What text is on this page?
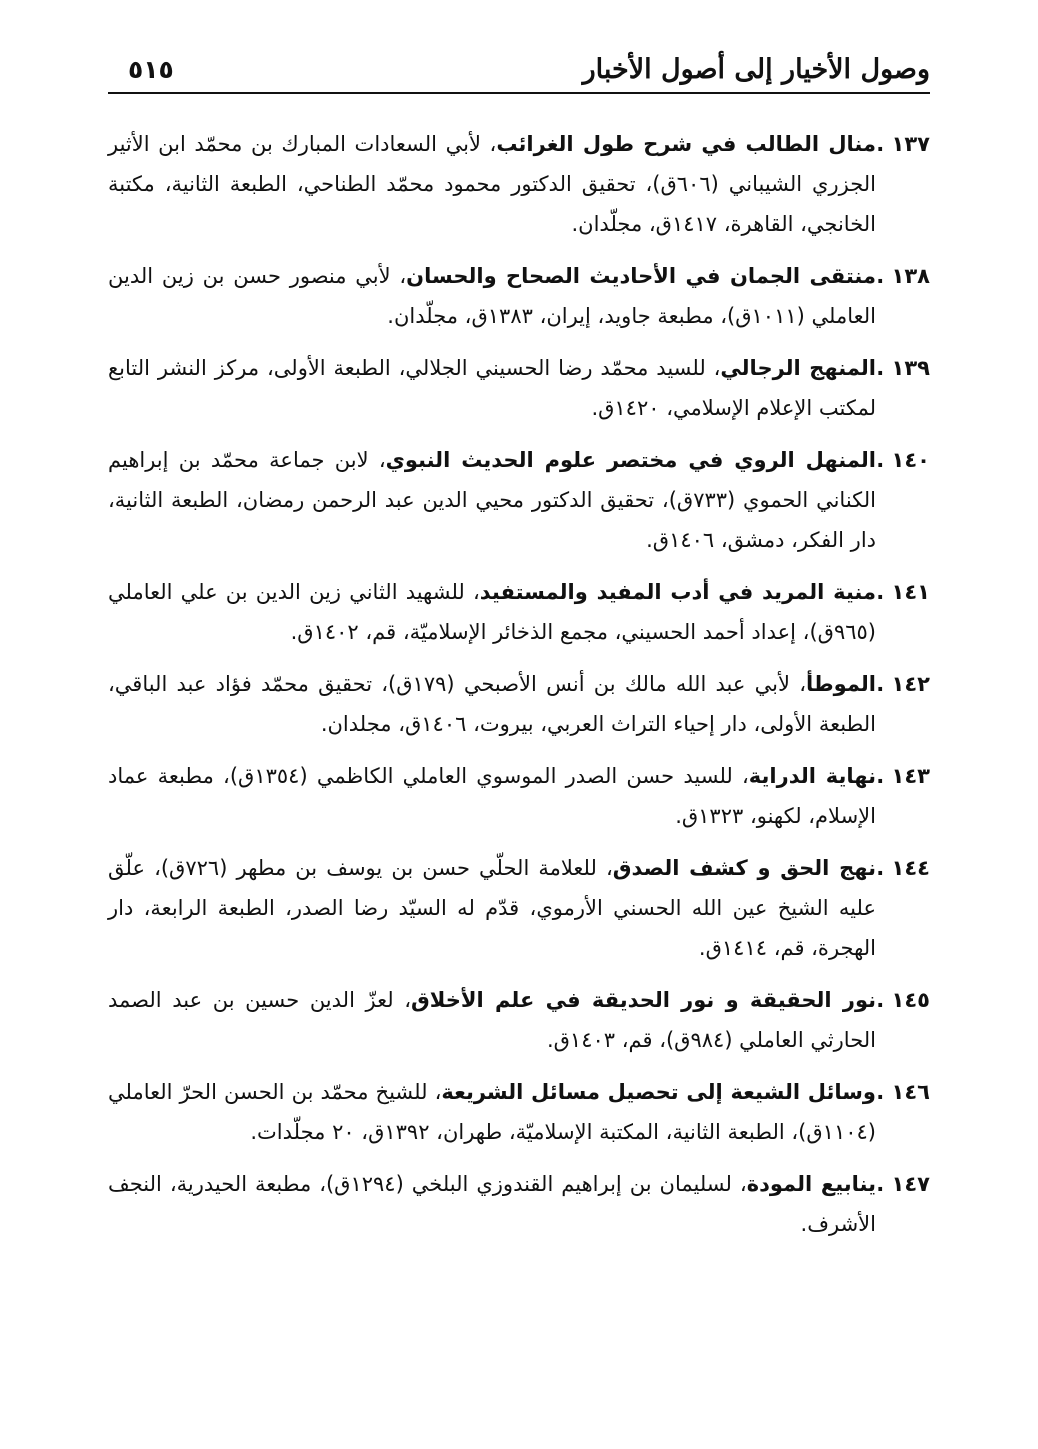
وصول الأخيار إلى أصول الأخبار
٥١٥
١٣٧ .
منال الطالب في شرح طول الغرائب، لأبي السعادات المبارك بن محمّد ابن الأثير الجزري الشيباني (٦٠٦ق)، تحقيق الدكتور محمود محمّد الطناحي، الطبعة الثانية، مكتبة الخانجي، القاهرة، ١٤١٧ق، مجلّدان.
١٣٨ .
منتقى الجمان في الأحاديث الصحاح والحسان، لأبي منصور حسن بن زين الدين العاملي (١٠١١ق)، مطبعة جاويد، إيران، ١٣٨٣ق، مجلّدان.
١٣٩ .
المنهج الرجالي، للسيد محمّد رضا الحسيني الجلالي، الطبعة الأولى، مركز النشر التابع لمكتب الإعلام الإسلامي، ١٤٢٠ق.
١٤٠ .
المنهل الروي في مختصر علوم الحديث النبوي، لابن جماعة محمّد بن إبراهيم الكناني الحموي (٧٣٣ق)، تحقيق الدكتور محيي الدين عبد الرحمن رمضان، الطبعة الثانية، دار الفكر، دمشق، ١٤٠٦ق.
١٤١ .
منية المريد في أدب المفيد والمستفيد، للشهيد الثاني زين الدين بن علي العاملي (٩٦٥ق)، إعداد أحمد الحسيني، مجمع الذخائر الإسلاميّة، قم، ١٤٠٢ق.
١٤٢ .
الموطأ، لأبي عبد الله مالك بن أنس الأصبحي (١٧٩ق)، تحقيق محمّد فؤاد عبد الباقي، الطبعة الأولى، دار إحياء التراث العربي، بيروت، ١٤٠٦ق، مجلدان.
١٤٣ .
نهاية الدراية، للسيد حسن الصدر الموسوي العاملي الكاظمي (١٣٥٤ق)، مطبعة عماد الإسلام، لكهنو، ١٣٢٣ق.
١٤٤ .
نهج الحق و كشف الصدق، للعلامة الحلّي حسن بن يوسف بن مطهر (٧٢٦ق)، علّق عليه الشيخ عين الله الحسني الأرموي، قدّم له السيّد رضا الصدر، الطبعة الرابعة، دار الهجرة، قم، ١٤١٤ق.
١٤٥ .
نور الحقيقة و نور الحديقة في علم الأخلاق، لعزّ الدين حسين بن عبد الصمد الحارثي العاملي (٩٨٤ق)، قم، ١٤٠٣ق.
١٤٦ .
وسائل الشيعة إلى تحصيل مسائل الشريعة، للشيخ محمّد بن الحسن الحرّ العاملي (١١٠٤ق)، الطبعة الثانية، المكتبة الإسلاميّة، طهران، ١٣٩٢ق، ٢٠ مجلّدات.
١٤٧ .
ينابيع المودة، لسليمان بن إبراهيم القندوزي البلخي (١٢٩٤ق)، مطبعة الحيدرية، النجف الأشرف.
